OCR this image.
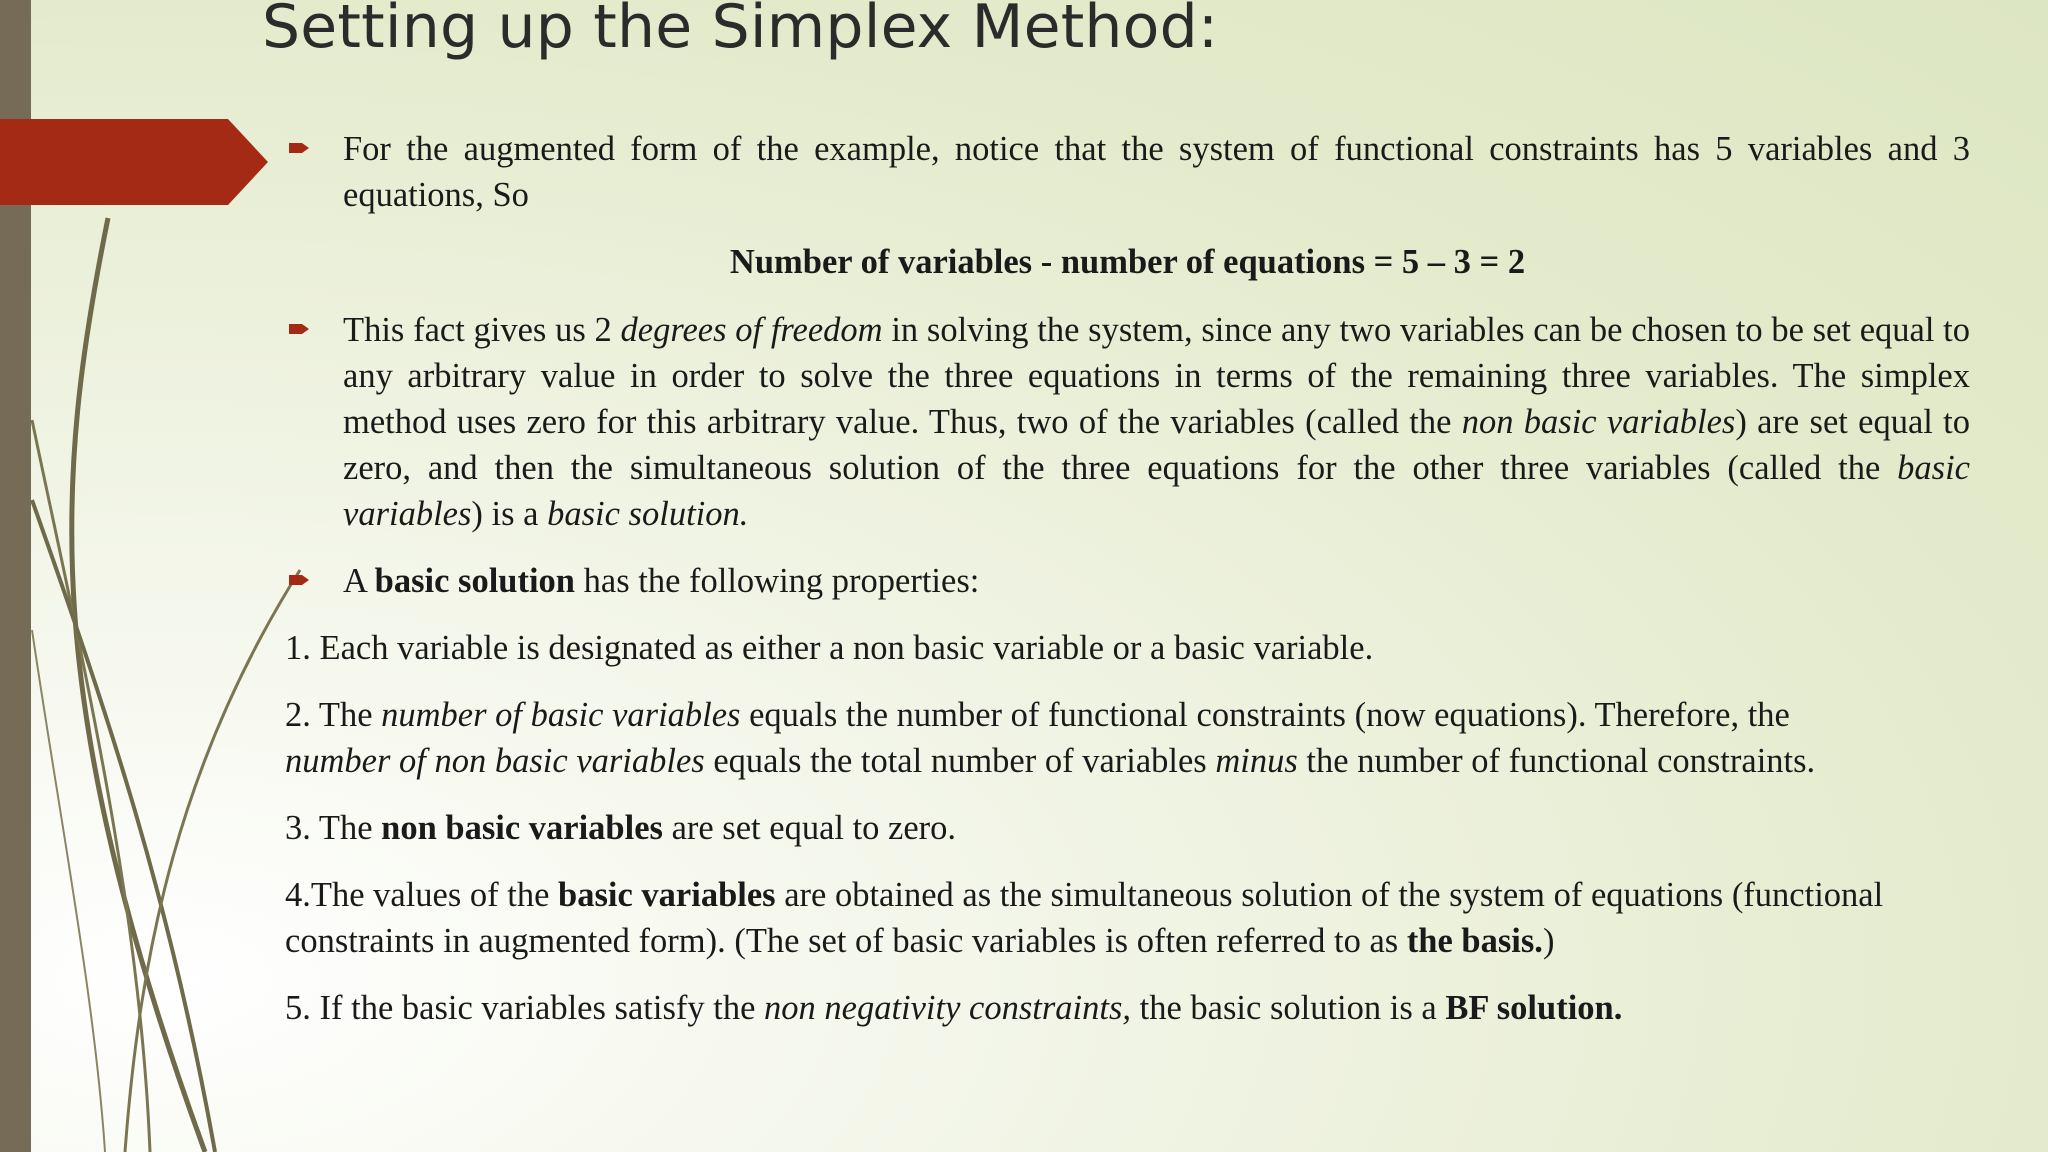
Setting up the Simplex Method:

For the augmented form of the example, notice that the system of functional constraints has 5 variables and 3 equations, So

Number of variables - number of equations = 5 – 3 = 2

This fact gives us 2 degrees of freedom in solving the system, since any two variables can be chosen to be set equal to any arbitrary value in order to solve the three equations in terms of the remaining three variables. The simplex method uses zero for this arbitrary value. Thus, two of the variables (called the non basic variables) are set equal to zero, and then the simultaneous solution of the three equations for the other three variables (called the basic variables) is a basic solution.

A basic solution has the following properties:

1. Each variable is designated as either a non basic variable or a basic variable.

2. The number of basic variables equals the number of functional constraints (now equations). Therefore, the

number of non basic variables equals the total number of variables minus the number of functional constraints.

3. The non basic variables are set equal to zero.

4.The values of the basic variables are obtained as the simultaneous solution of the system of equations (functional constraints in augmented form). (The set of basic variables is often referred to as the basis.)

5. If the basic variables satisfy the non negativity constraints, the basic solution is a BF solution.
